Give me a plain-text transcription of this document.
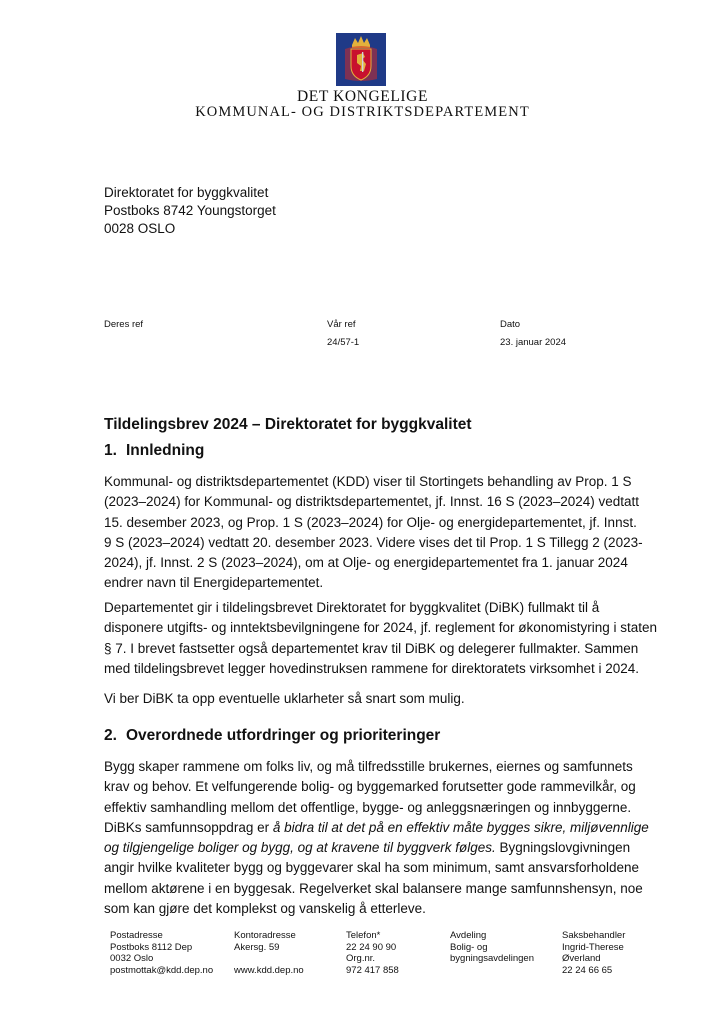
DET KONGELIGE
KOMMUNAL- OG DISTRIKTSDEPARTEMENT
Direktoratet for byggkvalitet
Postboks 8742 Youngstorget
0028 OSLO
Deres ref	Vår ref
24/57-1
Dato
23. januar 2024
Tildelingsbrev 2024 – Direktoratet for byggkvalitet
1. Innledning
Kommunal- og distriktsdepartementet (KDD) viser til Stortingets behandling av Prop. 1 S
(2023–2024) for Kommunal- og distriktsdepartementet, jf. Innst. 16 S (2023–2024) vedtatt
15. desember 2023, og Prop. 1 S (2023–2024) for Olje- og energidepartementet, jf. Innst.
9 S (2023–2024) vedtatt 20. desember 2023. Videre vises det til Prop. 1 S Tillegg 2 (2023-
2024), jf. Innst. 2 S (2023–2024), om at Olje- og energidepartementet fra 1. januar 2024
endrer navn til Energidepartementet.
Departementet gir i tildelingsbrevet Direktoratet for byggkvalitet (DiBK) fullmakt til å
disponere utgifts- og inntektsbevilgningene for 2024, jf. reglement for økonomistyring i staten
§ 7. I brevet fastsetter også departementet krav til DiBK og delegerer fullmakter. Sammen
med tildelingsbrevet legger hovedinstruksen rammene for direktoratets virksomhet i 2024.
Vi ber DiBK ta opp eventuelle uklarheter så snart som mulig.
2. Overordnede utfordringer og prioriteringer
Bygg skaper rammene om folks liv, og må tilfredsstille brukernes, eiernes og samfunnets
krav og behov. Et velfungerende bolig- og byggemarked forutsetter gode rammevilkår, og
effektiv samhandling mellom det offentlige, bygge- og anleggsnæringen og innbyggerne.
DiBKs samfunnsoppdrag er å bidra til at det på en effektiv måte bygges sikre, miljøvennlige
og tilgjengelige boliger og bygg, og at kravene til byggverk følges. Bygningslovgivningen
angir hvilke kvaliteter bygg og byggevarer skal ha som minimum, samt ansvarsforholdene
mellom aktørene i en byggesak. Regelverket skal balansere mange samfunnshensyn, noe
som kan gjøre det komplekst og vanskelig å etterleve.
Postadresse
Postboks 8112 Dep
0032 Oslo
postmottak@kdd.dep.no
Kontoradresse
Akersg. 59
www.kdd.dep.no
Telefon*
22 24 90 90
Org.nr.
972 417 858
Avdeling
Bolig- og
bygningsavdelingen
Saksbehandler
Ingrid-Therese
Øverland
22 24 66 65
